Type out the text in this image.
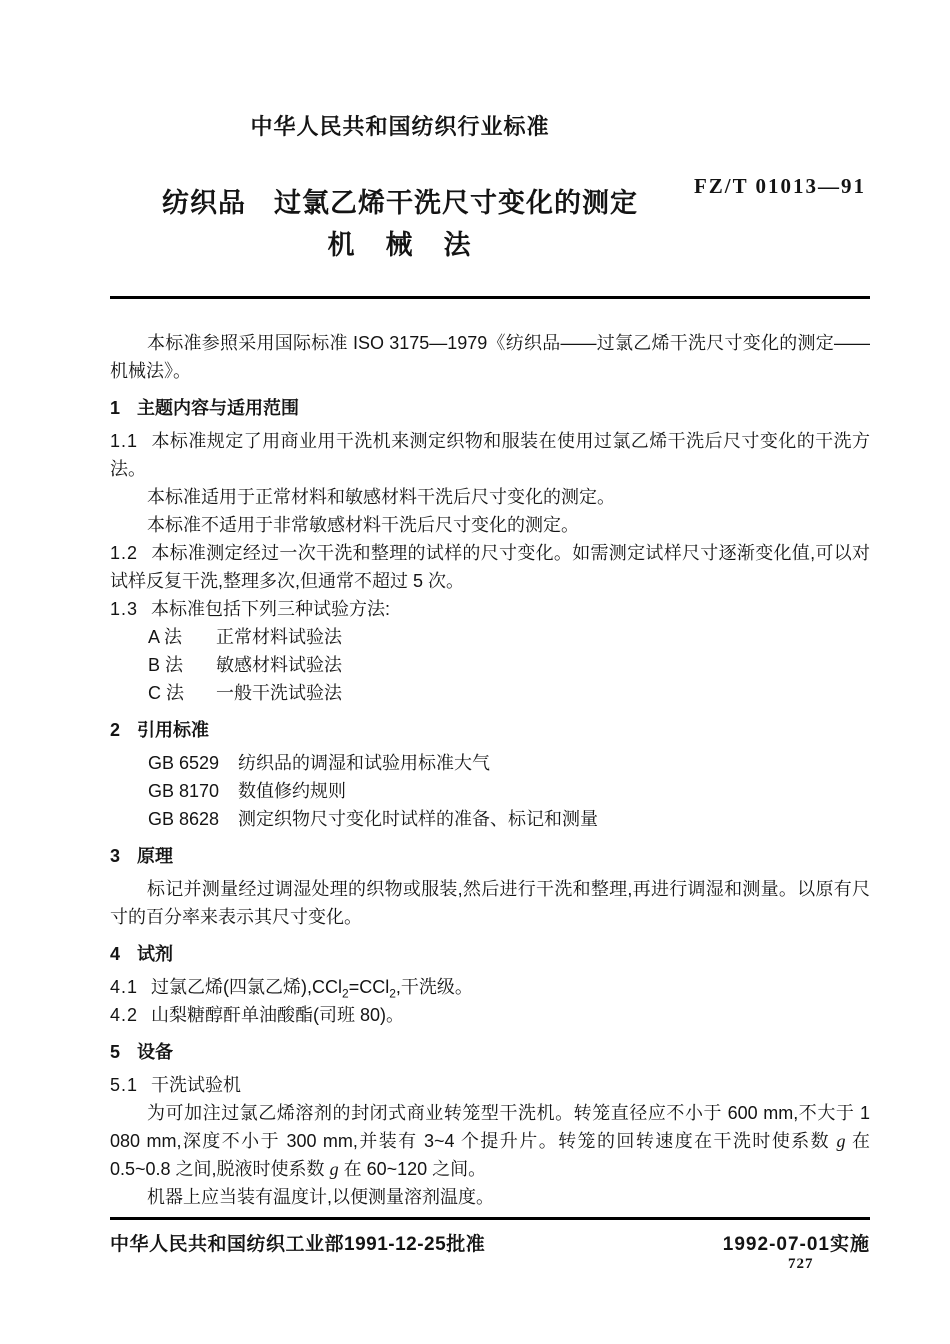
中华人民共和国纺织行业标准
FZ/T 01013—91
纺织品　过氯乙烯干洗尺寸变化的测定
机　械　法
本标准参照采用国际标准 ISO 3175—1979《纺织品——过氯乙烯干洗尺寸变化的测定——机械法》。
1 主题内容与适用范围
1.1 本标准规定了用商业用干洗机来测定织物和服装在使用过氯乙烯干洗后尺寸变化的干洗方法。
本标准适用于正常材料和敏感材料干洗后尺寸变化的测定。
本标准不适用于非常敏感材料干洗后尺寸变化的测定。
1.2 本标准测定经过一次干洗和整理的试样的尺寸变化。如需测定试样尺寸逐渐变化值,可以对试样反复干洗,整理多次,但通常不超过 5 次。
1.3 本标准包括下列三种试验方法:
A 法 正常材料试验法
B 法 敏感材料试验法
C 法 一般干洗试验法
2 引用标准
GB 6529 纺织品的调湿和试验用标准大气
GB 8170 数值修约规则
GB 8628 测定织物尺寸变化时试样的准备、标记和测量
3 原理
标记并测量经过调湿处理的织物或服装,然后进行干洗和整理,再进行调湿和测量。以原有尺寸的百分率来表示其尺寸变化。
4 试剂
4.1 过氯乙烯(四氯乙烯),CCl$_2$=CCl$_2$,干洗级。
4.2 山梨糖醇酐单油酸酯(司班 80)。
5 设备
5.1 干洗试验机
为可加注过氯乙烯溶剂的封闭式商业转笼型干洗机。转笼直径应不小于 600 mm,不大于 1 080 mm,深度不小于 300 mm,并装有 3~4 个提升片。转笼的回转速度在干洗时使系数 g 在 0.5~0.8 之间,脱液时使系数 g 在 60~120 之间。
机器上应当装有温度计,以便测量溶剂温度。
中华人民共和国纺织工业部1991-12-25批准	1992-07-01实施
727
